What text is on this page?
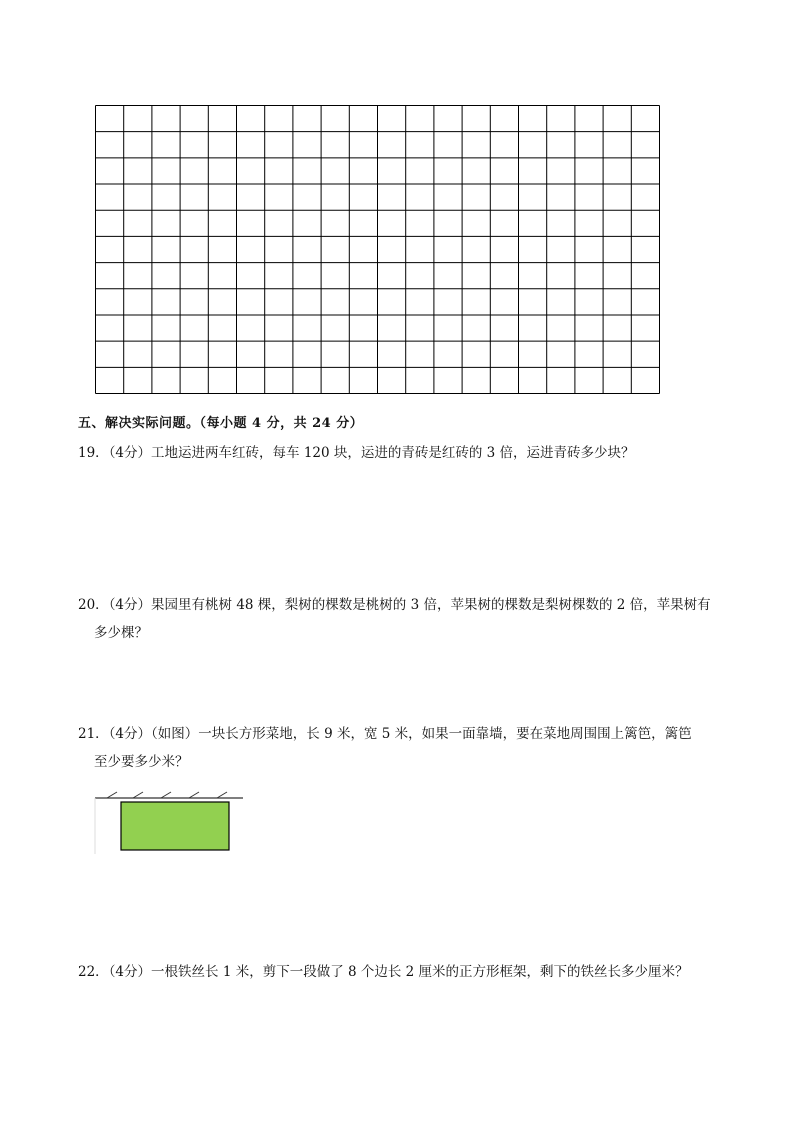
五、解决实际问题。（每小题 4 分，共 24 分）
19．（4分）工地运进两车红砖，每车 120 块，运进的青砖是红砖的 3 倍，运进青砖多少块？
20．（4分）果园里有桃树 48 棵，梨树的棵数是桃树的 3 倍，苹果树的棵数是梨树棵数的 2 倍，苹果树有
多少棵？
21．（4分）（如图）一块长方形菜地，长 9 米，宽 5 米，如果一面靠墙，要在菜地周围围上篱笆，篱笆
至少要多少米？
22．（4分）一根铁丝长 1 米，剪下一段做了 8 个边长 2 厘米的正方形框架，剩下的铁丝长多少厘米？
